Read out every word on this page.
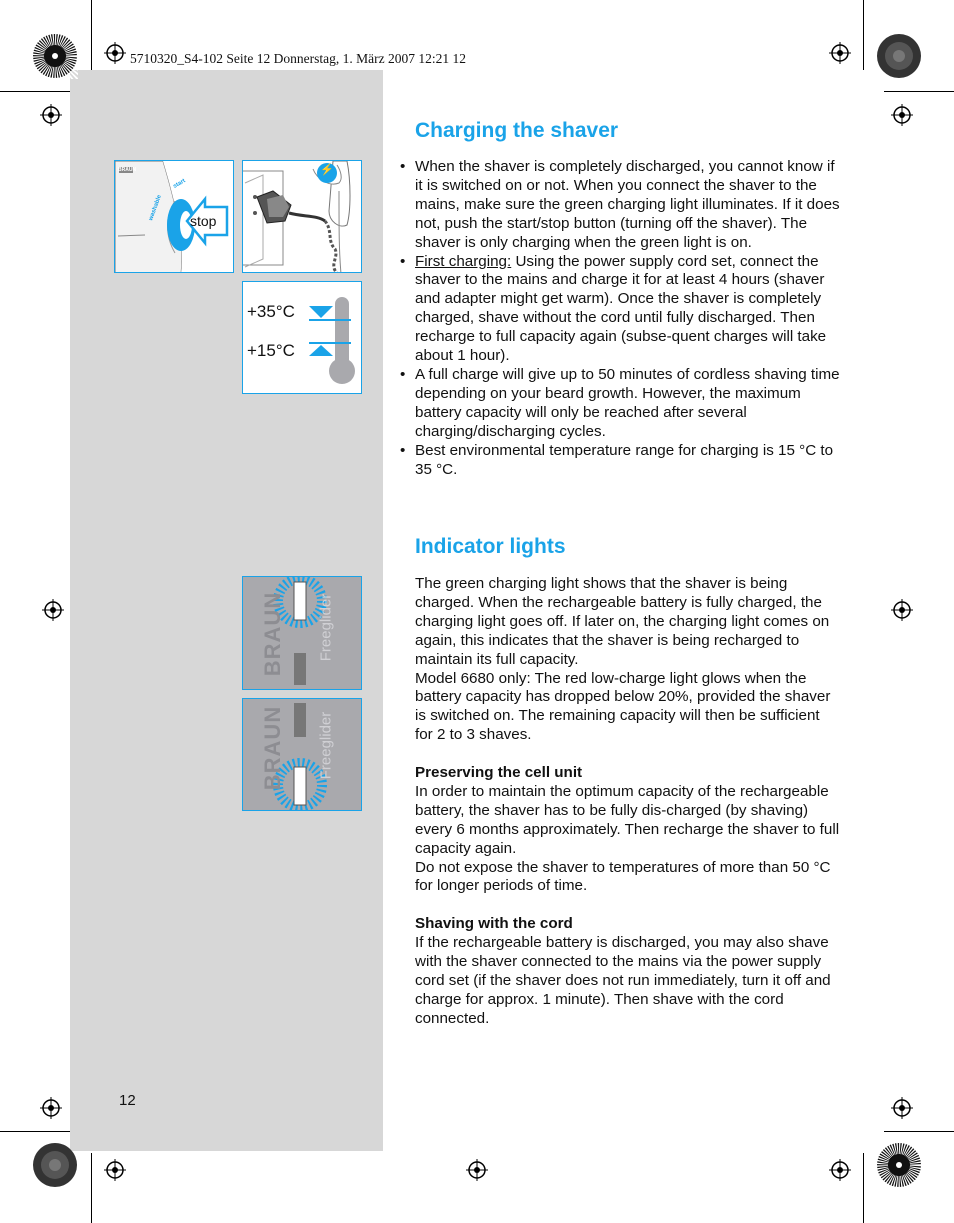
5710320_S4-102 Seite 12 Donnerstag, 1. März 2007 12:21 12
stop
start
washable
BRAUN	⚡
+35°C
+15°C
BRAUN Freeglider
BRAUN Freeglider
Charging the shaver
• When the shaver is completely discharged, you cannot know if it is switched on or not. When you connect the shaver to the mains, make sure the green charging light illuminates. If it does not, push the start/stop button (turning off the shaver). The shaver is only charging when the green light is on.
• First charging: Using the power supply cord set, connect the shaver to the mains and charge it for at least 4 hours (shaver and adapter might get warm). Once the shaver is completely charged, shave without the cord until fully discharged. Then recharge to full capacity again (subse-quent charges will take about 1 hour).
• A full charge will give up to 50 minutes of cordless shaving time depending on your beard growth. However, the maximum battery capacity will only be reached after several charging/discharging cycles.
• Best environmental temperature range for charging is 15 °C to 35 °C.
Indicator lights

The green charging light shows that the shaver is being charged. When the rechargeable battery is fully charged, the charging light goes off. If later on, the charging light comes on again, this indicates that the shaver is being recharged to maintain its full capacity.

Model 6680 only: The red low-charge light glows when the battery capacity has dropped below 20%, provided the shaver is switched on. The remaining capacity will then be sufficient for 2 to 3 shaves.

Preserving the cell unit

In order to maintain the optimum capacity of the rechargeable battery, the shaver has to be fully dis-charged (by shaving) every 6 months approximately. Then recharge the shaver to full capacity again.

Do not expose the shaver to temperatures of more than 50 °C for longer periods of time.

Shaving with the cord

If the rechargeable battery is discharged, you may also shave with the shaver connected to the mains via the power supply cord set (if the shaver does not run immediately, turn it off and charge for approx. 1 minute). Then shave with the cord connected.

12
